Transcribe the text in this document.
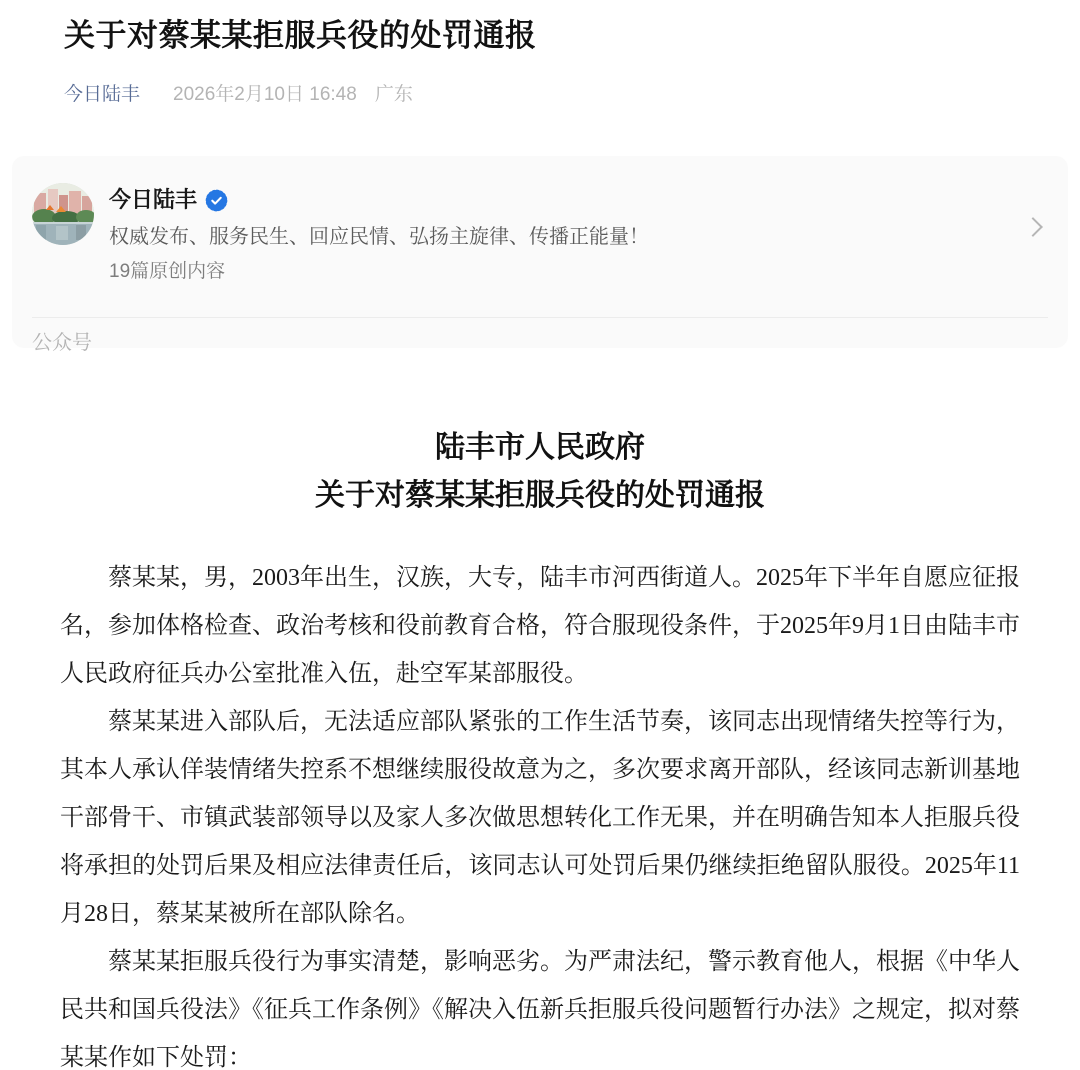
关于对蔡某某拒服兵役的处罚通报
今日陆丰 2026年2月10日 16:48 广东
今日陆丰
权威发布、服务民生、回应民情、弘扬主旋律、传播正能量！
19篇原创内容
公众号
陆丰市人民政府
关于对蔡某某拒服兵役的处罚通报

蔡某某，男，2003年出生，汉族，大专，陆丰市河西街道人。2025年下半年自愿应征报名，参加体格检查、政治考核和役前教育合格，符合服现役条件，于2025年9月1日由陆丰市人民政府征兵办公室批准入伍，赴空军某部服役。

蔡某某进入部队后，无法适应部队紧张的工作生活节奏，该同志出现情绪失控等行为，其本人承认佯装情绪失控系不想继续服役故意为之，多次要求离开部队，经该同志新训基地干部骨干、市镇武装部领导以及家人多次做思想转化工作无果，并在明确告知本人拒服兵役将承担的处罚后果及相应法律责任后，该同志认可处罚后果仍继续拒绝留队服役。2025年11月28日，蔡某某被所在部队除名。

蔡某某拒服兵役行为事实清楚，影响恶劣。为严肃法纪，警示教育他人，根据《中华人民共和国兵役法》《征兵工作条例》《解决入伍新兵拒服兵役问题暂行办法》之规定，拟对蔡某某作如下处罚：
